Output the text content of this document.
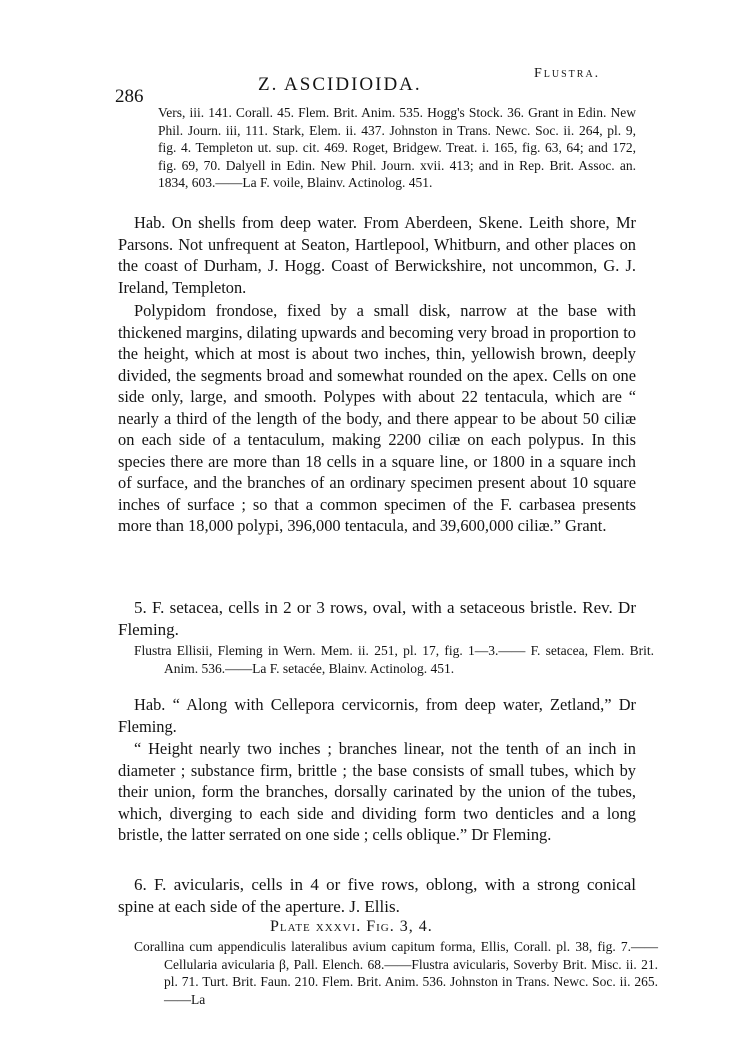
286
Z. ASCIDIOIDA.
Flustra.

Vers, iii. 141. Corall. 45. Flem. Brit. Anim. 535. Hogg's Stock. 36. Grant in Edin. New Phil. Journ. iii, 111. Stark, Elem. ii. 437. Johnston in Trans. Newc. Soc. ii. 264, pl. 9, fig. 4. Templeton ut. sup. cit. 469. Roget, Bridgew. Treat. i. 165, fig. 63, 64; and 172, fig. 69, 70. Dalyell in Edin. New Phil. Journ. xvii. 413; and in Rep. Brit. Assoc. an. 1834, 603.——La F. voile, Blainv. Actinolog. 451.

Hab. On shells from deep water. From Aberdeen, Skene. Leith shore, Mr Parsons. Not unfrequent at Seaton, Hartlepool, Whitburn, and other places on the coast of Durham, J. Hogg. Coast of Berwickshire, not uncommon, G. J. Ireland, Templeton.

Polypidom frondose, fixed by a small disk, narrow at the base with thickened margins, dilating upwards and becoming very broad in proportion to the height, which at most is about two inches, thin, yellowish brown, deeply divided, the segments broad and somewhat rounded on the apex. Cells on one side only, large, and smooth. Polypes with about 22 tentacula, which are “ nearly a third of the length of the body, and there appear to be about 50 ciliæ on each side of a tentaculum, making 2200 ciliæ on each polypus. In this species there are more than 18 cells in a square line, or 1800 in a square inch of surface, and the branches of an ordinary specimen present about 10 square inches of surface ; so that a common specimen of the F. carbasea presents more than 18,000 polypi, 396,000 tentacula, and 39,600,000 ciliæ.” Grant.

5. F. setacea, cells in 2 or 3 rows, oval, with a setaceous bristle. Rev. Dr Fleming.

Flustra Ellisii, Fleming in Wern. Mem. ii. 251, pl. 17, fig. 1—3.—— F. setacea, Flem. Brit. Anim. 536.——La F. setacée, Blainv. Actinolog. 451.

Hab. “ Along with Cellepora cervicornis, from deep water, Zetland,” Dr Fleming.

“ Height nearly two inches ; branches linear, not the tenth of an inch in diameter ; substance firm, brittle ; the base consists of small tubes, which by their union, form the branches, dorsally carinated by the union of the tubes, which, diverging to each side and dividing form two denticles and a long bristle, the latter serrated on one side ; cells oblique.” Dr Fleming.

6. F. avicularis, cells in 4 or five rows, oblong, with a strong conical spine at each side of the aperture. J. Ellis.

Plate xxxvi. Fig. 3, 4.

Corallina cum appendiculis lateralibus avium capitum forma, Ellis, Corall. pl. 38, fig. 7.——Cellularia avicularia β, Pall. Elench. 68.——Flustra avicularis, Soverby Brit. Misc. ii. 21. pl. 71. Turt. Brit. Faun. 210. Flem. Brit. Anim. 536. Johnston in Trans. Newc. Soc. ii. 265.——La
